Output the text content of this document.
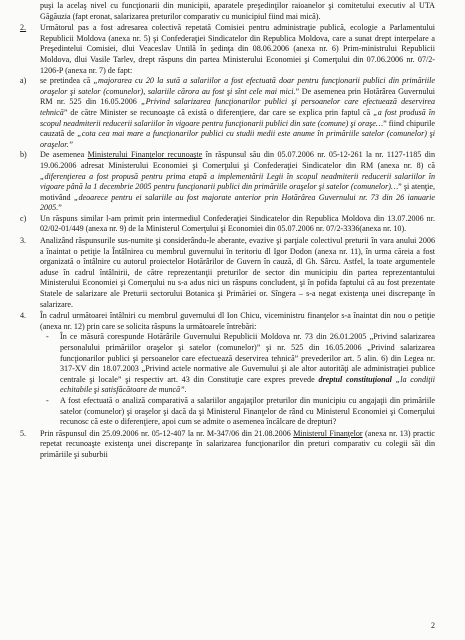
puşi la acelaş nivel cu funcţionarii din municipii, aparatele preşedinţilor raioanelor şi comitetului executiv al UTA Găgăuzia (fapt eronat, salarizarea preturilor comparativ cu municipiul fiind mai mică).
2.	Următorul pas a fost adresarea colectivă repetată Comisiei pentru administraţie publică, ecologie a Parlamentului Republicii Moldova (anexa nr. 5) şi Confederaţiei Sindicatelor din Republica Moldova, care a sunat drept interpelare a Preşedintelui Comisiei, dlui Veaceslav Untilă în şedinţa din 08.06.2006 (anexa nr. 6) Prim-ministrului Republicii Moldova, dlui Vasile Tarlev, drept răspuns din partea Ministerului Economiei şi Comerţului din 07.06.2006 nr. 07/2-1206-P (anexa nr. 7) de fapt:
a)	se pretindea că „majorarea cu 20 la sută a salariilor a fost efectuată doar pentru funcţionarii publici din primăriile oraşelor şi satelor (comunelor), salariile cărora au fost şi sînt cele mai mici.” De asemenea prin Hotărârea Guvernului RM nr. 525 din 16.05.2006 „Privind salarizarea funcţionarilor publici şi persoanelor care efectuează deservirea tehnică” de către Minister se recunoaşte că există o diferenţiere, dar care se explica prin faptul că „a fost produsă în scopul neadmiterii reducerii salariilor în vigoare pentru funcţionarii publici din sate (comune) şi oraşe…” fiind chipurile cauzată de „cota cea mai mare a funcţionarilor publici cu studii medii este anume în primăriile satelor (comunelor) şi oraşelor.”
b)	De asemenea Ministerului Finanţelor recunoaşte în răspunsul său din 05.07.2006 nr. 05-12-261 la nr. 1127-1185 din 19.06.2006 adresat Ministerului Economiei şi Comerţului şi Confederaţiei Sindicatelor din RM (anexa nr. 8) că „diferenţierea a fost propusă pentru prima etapă a implementării Legii în scopul neadmiterii reducerii salariilor în vigoare până la 1 decembrie 2005 pentru funcţionarii publici din primăriile oraşelor şi satelor (comunelor)…” şi atenţie, motivând „deoarece pentru ei salariile au fost majorate anterior prin Hotărârea Guvernului nr. 73 din 26 ianuarie 2005.”
c)	Un răspuns similar l-am primit prin intermediul Confederaţiei Sindicatelor din Republica Moldova din 13.07.2006 nr. 02/02-01/449 (anexa nr. 9) de la Ministerul Comerţului şi Economiei din 05.07.2006 nr. 07/2-3336(anexa nr. 10).
3.	Analizând răspunsurile sus-numite şi considerându-le aberante, evazive şi parţiale colectivul preturii în vara anului 2006 a înaintat o petiţie la Întâlnirea cu membrul guvernului în teritoriu dl Igor Dodon (anexa nr. 11), în urma căreia a fost organizată o întâlnire cu autorul proiectelor Hotărârilor de Guvern în cauză, dl Gh. Sârcu. Astfel, la toate argumentele aduse în cadrul întâlnirii, de către reprezentanţii preturilor de sector din municipiu din partea reprezentantului Ministerului Economiei şi Comerţului nu s-a adus nici un răspuns concludent, şi în pofida faptului că au fost prezentate Statele de salarizare ale Preturii sectorului Botanica şi Primăriei or. Sîngera – s-a negat existenţa unei discrepanţe în salarizare.
4.	În cadrul următoarei întâlniri cu membrul guvernului dl Ion Chicu, viceministru finanţelor s-a înaintat din nou o petiţie (anexa nr. 12) prin care se solicita răspuns la următoarele întrebări:
-	În ce măsură corespunde Hotărârile Guvernului Republicii Moldova nr. 73 din 26.01.2005 „Privind salarizarea personalului primăriilor oraşelor şi satelor (comunelor)” şi nr. 525 din 16.05.2006 „Privind salarizarea funcţionarilor publici şi persoanelor care efectuează deservirea tehnică” prevederilor art. 5 alin. 6) din Legea nr. 317-XV din 18.07.2003 „Privind actele normative ale Guvernului şi ale altor autorităţi ale administraţiei publice centrale şi locale” şi respectiv art. 43 din Constituţie care expres prevede dreptul constituţional „la condiţii echitabile şi satisfăcătoare de muncă”.
-	A fost efectuată o analiză comparativă a salariilor angajaţilor preturilor din municipiu cu angajaţii din primăriile satelor (comunelor) şi oraşelor şi dacă da şi Ministerul Finanţelor de rând cu Ministerul Economiei şi Comerţului recunosc că este o diferenţiere, apoi cum se admite o asemenea încălcare de drepturi?
5.	Prin răspunsul din 25.09.2006 nr. 05-12-407 la nr. M-347/06 din 21.08.2006 Ministerul Finanţelor (anexa nr. 13) practic repetat recunoaşte existenţa unei discrepanţe în salarizarea funcţionarilor din preturi comparativ cu colegii săi din primăriile şi suburbii
2
